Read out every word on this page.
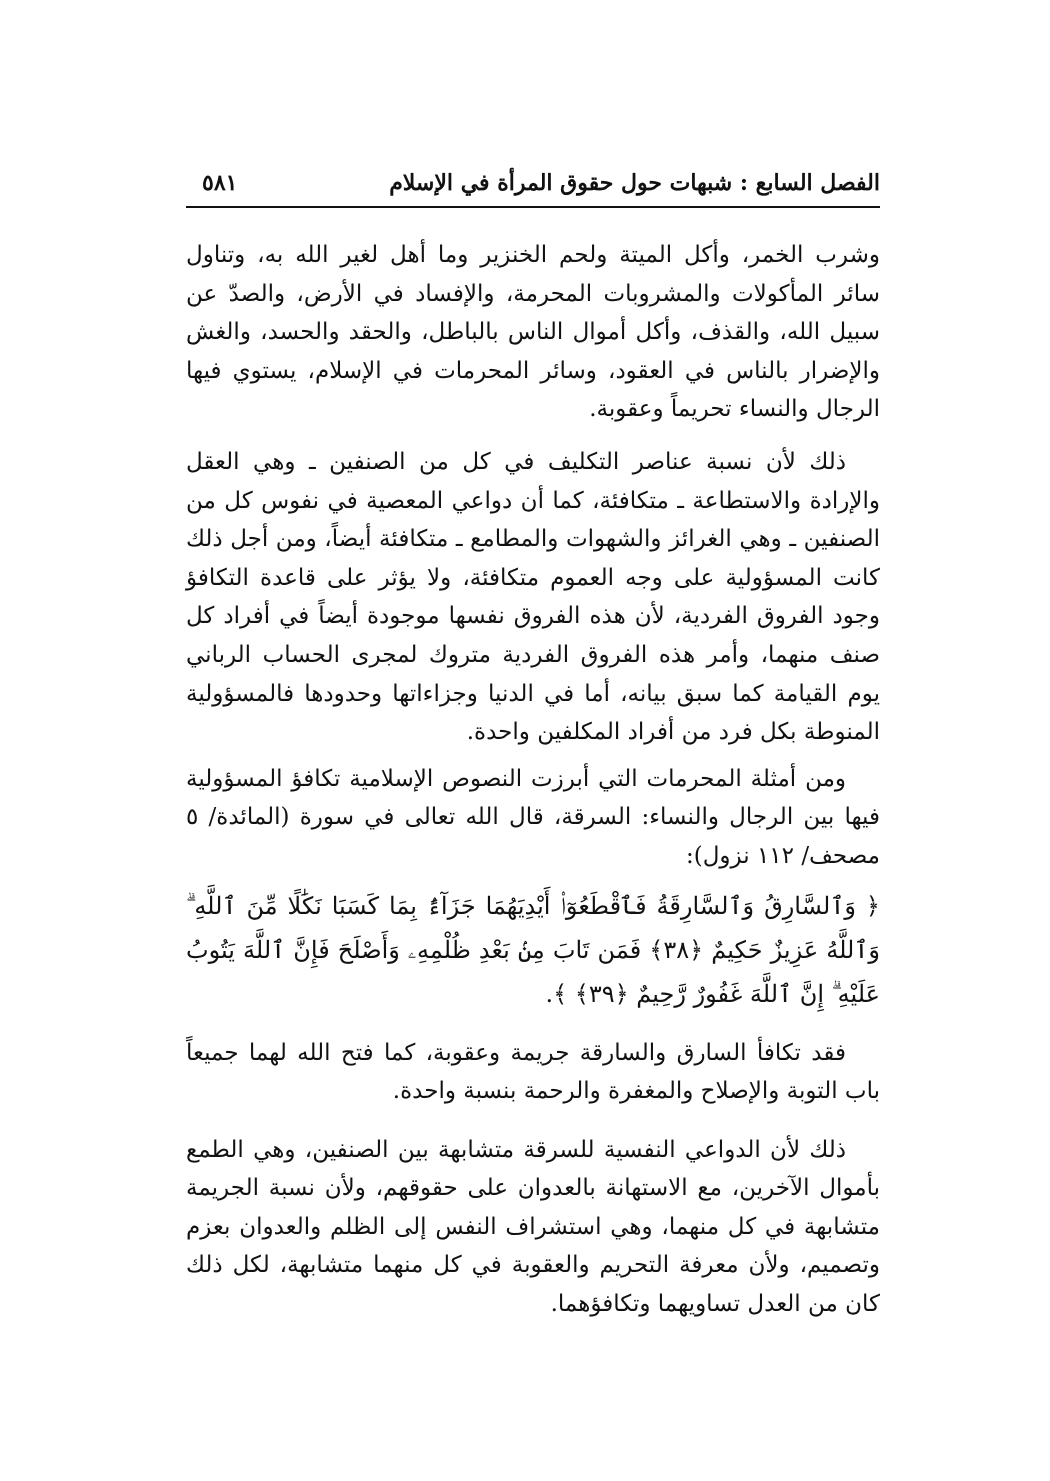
الفصل السابع : شبهات حول حقوق المرأة في الإسلام
٥٨١

وشرب الخمر، وأكل الميتة ولحم الخنزير وما أهل لغير الله به، وتناول سائر المأكولات والمشروبات المحرمة، والإفساد في الأرض، والصدّ عن سبيل الله، والقذف، وأكل أموال الناس بالباطل، والحقد والحسد، والغش والإضرار بالناس في العقود، وسائر المحرمات في الإسلام، يستوي فيها الرجال والنساء تحريماً وعقوبة.

ذلك لأن نسبة عناصر التكليف في كل من الصنفين ـ وهي العقل والإرادة والاستطاعة ـ متكافئة، كما أن دواعي المعصية في نفوس كل من الصنفين ـ وهي الغرائز والشهوات والمطامع ـ متكافئة أيضاً، ومن أجل ذلك كانت المسؤولية على وجه العموم متكافئة، ولا يؤثر على قاعدة التكافؤ وجود الفروق الفردية، لأن هذه الفروق نفسها موجودة أيضاً في أفراد كل صنف منهما، وأمر هذه الفروق الفردية متروك لمجرى الحساب الرباني يوم القيامة كما سبق بيانه، أما في الدنيا وجزاءاتها وحدودها فالمسؤولية المنوطة بكل فرد من أفراد المكلفين واحدة.

ومن أمثلة المحرمات التي أبرزت النصوص الإسلامية تكافؤ المسؤولية فيها بين الرجال والنساء: السرقة، قال الله تعالى في سورة (المائدة/ ٥ مصحف/ ١١٢ نزول):

﴿ وَٱلسَّارِقُ وَٱلسَّارِقَةُ فَٱقْطَعُوٓا۟ أَيْدِيَهُمَا جَزَآءًۢ بِمَا كَسَبَا نَكَٰلًا مِّنَ ٱللَّهِ ۗ وَٱللَّهُ عَزِيزٌ حَكِيمٌ ﴿٣٨﴾ فَمَن تَابَ مِنۢ بَعْدِ ظُلْمِهِۦ وَأَصْلَحَ فَإِنَّ ٱللَّهَ يَتُوبُ عَلَيْهِ ۗ إِنَّ ٱللَّهَ غَفُورٌ رَّحِيمٌ ﴿٣٩﴾ ﴾.

فقد تكافأ السارق والسارقة جريمة وعقوبة، كما فتح الله لهما جميعاً باب التوبة والإصلاح والمغفرة والرحمة بنسبة واحدة.

ذلك لأن الدواعي النفسية للسرقة متشابهة بين الصنفين، وهي الطمع بأموال الآخرين، مع الاستهانة بالعدوان على حقوقهم، ولأن نسبة الجريمة متشابهة في كل منهما، وهي استشراف النفس إلى الظلم والعدوان بعزم وتصميم، ولأن معرفة التحريم والعقوبة في كل منهما متشابهة، لكل ذلك كان من العدل تساويهما وتكافؤهما.
